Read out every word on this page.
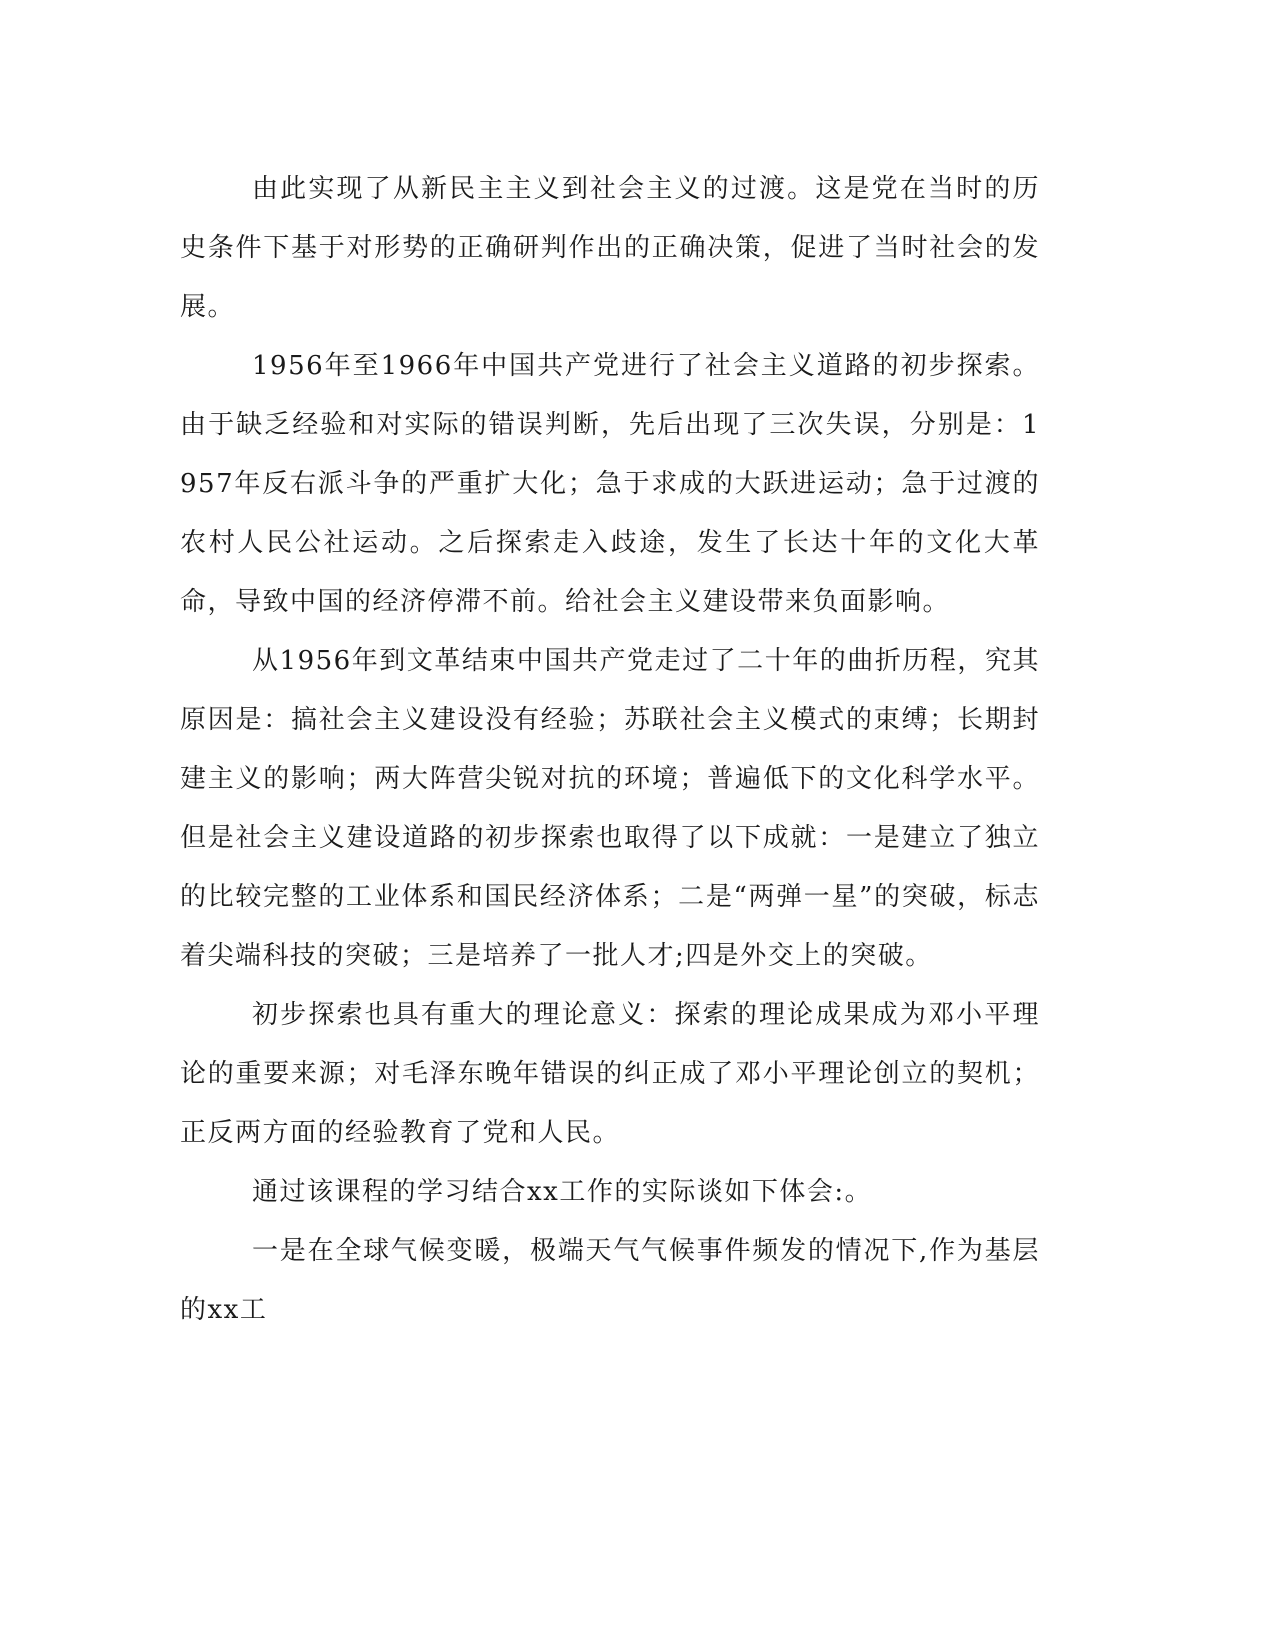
由此实现了从新民主主义到社会主义的过渡。这是党在当时的历史条件下基于对形势的正确研判作出的正确决策，促进了当时社会的发展。

1956年至1966年中国共产党进行了社会主义道路的初步探索。由于缺乏经验和对实际的错误判断，先后出现了三次失误，分别是：1957年反右派斗争的严重扩大化；急于求成的大跃进运动；急于过渡的农村人民公社运动。之后探索走入歧途，发生了长达十年的文化大革命，导致中国的经济停滞不前。给社会主义建设带来负面影响。

从1956年到文革结束中国共产党走过了二十年的曲折历程，究其原因是：搞社会主义建设没有经验；苏联社会主义模式的束缚；长期封建主义的影响；两大阵营尖锐对抗的环境；普遍低下的文化科学水平。但是社会主义建设道路的初步探索也取得了以下成就：一是建立了独立的比较完整的工业体系和国民经济体系；二是“两弹一星”的突破，标志着尖端科技的突破；三是培养了一批人才;四是外交上的突破。

初步探索也具有重大的理论意义：探索的理论成果成为邓小平理论的重要来源；对毛泽东晚年错误的纠正成了邓小平理论创立的契机；正反两方面的经验教育了党和人民。

通过该课程的学习结合xx工作的实际谈如下体会:。

一是在全球气候变暖，极端天气气候事件频发的情况下,作为基层的xx工
